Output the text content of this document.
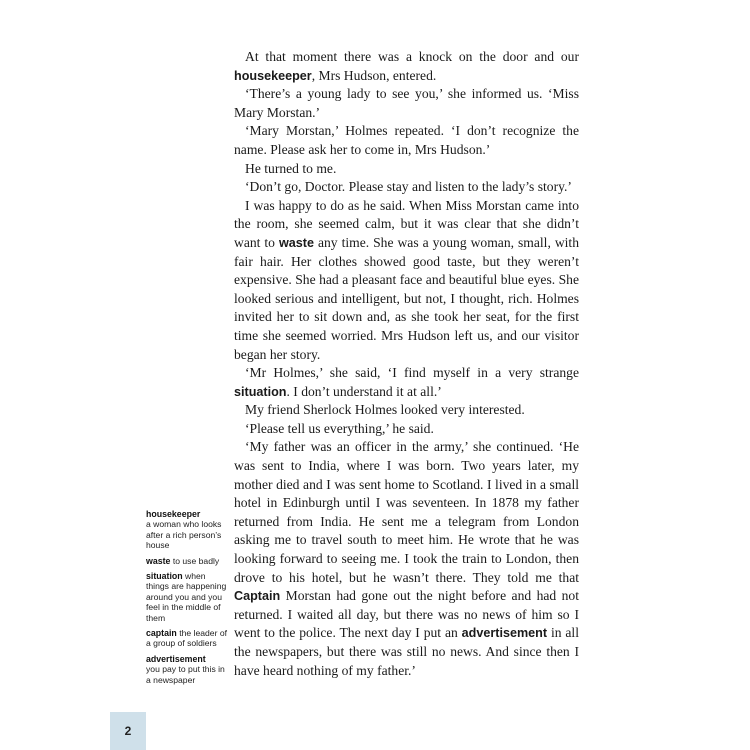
At that moment there was a knock on the door and our housekeeper, Mrs Hudson, entered.

‘There’s a young lady to see you,’ she informed us. ‘Miss Mary Morstan.’

‘Mary Morstan,’ Holmes repeated. ‘I don’t recognize the name. Please ask her to come in, Mrs Hudson.’

He turned to me.

‘Don’t go, Doctor. Please stay and listen to the lady’s story.’

I was happy to do as he said. When Miss Morstan came into the room, she seemed calm, but it was clear that she didn’t want to waste any time. She was a young woman, small, with fair hair. Her clothes showed good taste, but they weren’t expensive. She had a pleasant face and beautiful blue eyes. She looked serious and intelligent, but not, I thought, rich. Holmes invited her to sit down and, as she took her seat, for the first time she seemed worried. Mrs Hudson left us, and our visitor began her story.

‘Mr Holmes,’ she said, ‘I find myself in a very strange situation. I don’t understand it at all.’

My friend Sherlock Holmes looked very interested.

‘Please tell us everything,’ he said.

‘My father was an officer in the army,’ she continued. ‘He was sent to India, where I was born. Two years later, my mother died and I was sent home to Scotland. I lived in a small hotel in Edinburgh until I was seventeen. In 1878 my father returned from India. He sent me a telegram from London asking me to travel south to meet him. He wrote that he was looking forward to seeing me. I took the train to London, then drove to his hotel, but he wasn’t there. They told me that Captain Morstan had gone out the night before and had not returned. I waited all day, but there was no news of him so I went to the police. The next day I put an advertisement in all the newspapers, but there was still no news. And since then I have heard nothing of my father.’

housekeeper
a woman who looks after a rich person’s house
waste to use badly
situation when things are happening around you and you feel in the middle of them
captain the leader of a group of soldiers
advertisement
you pay to put this in a newspaper
2
